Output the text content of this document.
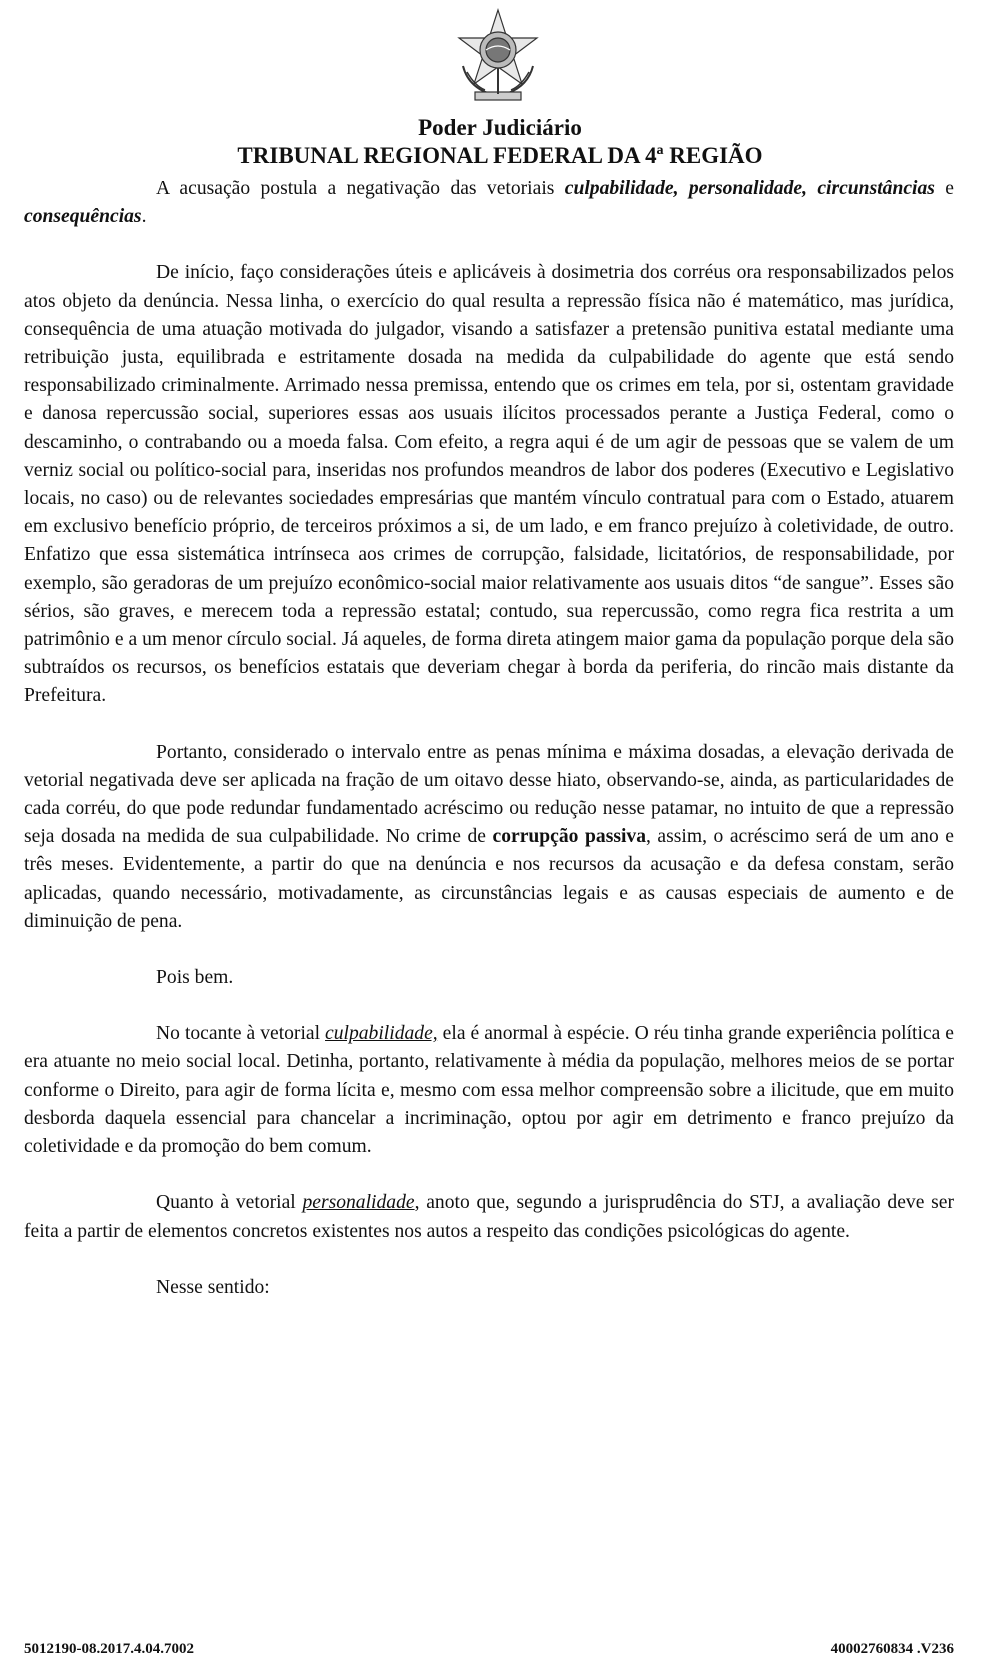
Poder Judiciário
TRIBUNAL REGIONAL FEDERAL DA 4ª REGIÃO

A acusação postula a negativação das vetoriais culpabilidade, personalidade, circunstâncias e consequências.

De início, faço considerações úteis e aplicáveis à dosimetria dos corréus ora responsabilizados pelos atos objeto da denúncia. Nessa linha, o exercício do qual resulta a repressão física não é matemático, mas jurídica, consequência de uma atuação motivada do julgador, visando a satisfazer a pretensão punitiva estatal mediante uma retribuição justa, equilibrada e estritamente dosada na medida da culpabilidade do agente que está sendo responsabilizado criminalmente. Arrimado nessa premissa, entendo que os crimes em tela, por si, ostentam gravidade e danosa repercussão social, superiores essas aos usuais ilícitos processados perante a Justiça Federal, como o descaminho, o contrabando ou a moeda falsa. Com efeito, a regra aqui é de um agir de pessoas que se valem de um verniz social ou político-social para, inseridas nos profundos meandros de labor dos poderes (Executivo e Legislativo locais, no caso) ou de relevantes sociedades empresárias que mantém vínculo contratual para com o Estado, atuarem em exclusivo benefício próprio, de terceiros próximos a si, de um lado, e em franco prejuízo à coletividade, de outro. Enfatizo que essa sistemática intrínseca aos crimes de corrupção, falsidade, licitatórios, de responsabilidade, por exemplo, são geradoras de um prejuízo econômico-social maior relativamente aos usuais ditos “de sangue”. Esses são sérios, são graves, e merecem toda a repressão estatal; contudo, sua repercussão, como regra fica restrita a um patrimônio e a um menor círculo social. Já aqueles, de forma direta atingem maior gama da população porque dela são subtraídos os recursos, os benefícios estatais que deveriam chegar à borda da periferia, do rincão mais distante da Prefeitura.

Portanto, considerado o intervalo entre as penas mínima e máxima dosadas, a elevação derivada de vetorial negativada deve ser aplicada na fração de um oitavo desse hiato, observando-se, ainda, as particularidades de cada corréu, do que pode redundar fundamentado acréscimo ou redução nesse patamar, no intuito de que a repressão seja dosada na medida de sua culpabilidade. No crime de corrupção passiva, assim, o acréscimo será de um ano e três meses. Evidentemente, a partir do que na denúncia e nos recursos da acusação e da defesa constam, serão aplicadas, quando necessário, motivadamente, as circunstâncias legais e as causas especiais de aumento e de diminuição de pena.

Pois bem.

No tocante à vetorial culpabilidade, ela é anormal à espécie. O réu tinha grande experiência política e era atuante no meio social local. Detinha, portanto, relativamente à média da população, melhores meios de se portar conforme o Direito, para agir de forma lícita e, mesmo com essa melhor compreensão sobre a ilicitude, que em muito desborda daquela essencial para chancelar a incriminação, optou por agir em detrimento e franco prejuízo da coletividade e da promoção do bem comum.

Quanto à vetorial personalidade, anoto que, segundo a jurisprudência do STJ, a avaliação deve ser feita a partir de elementos concretos existentes nos autos a respeito das condições psicológicas do agente.

Nesse sentido:

5012190-08.2017.4.04.7002	40002760834 .V236
